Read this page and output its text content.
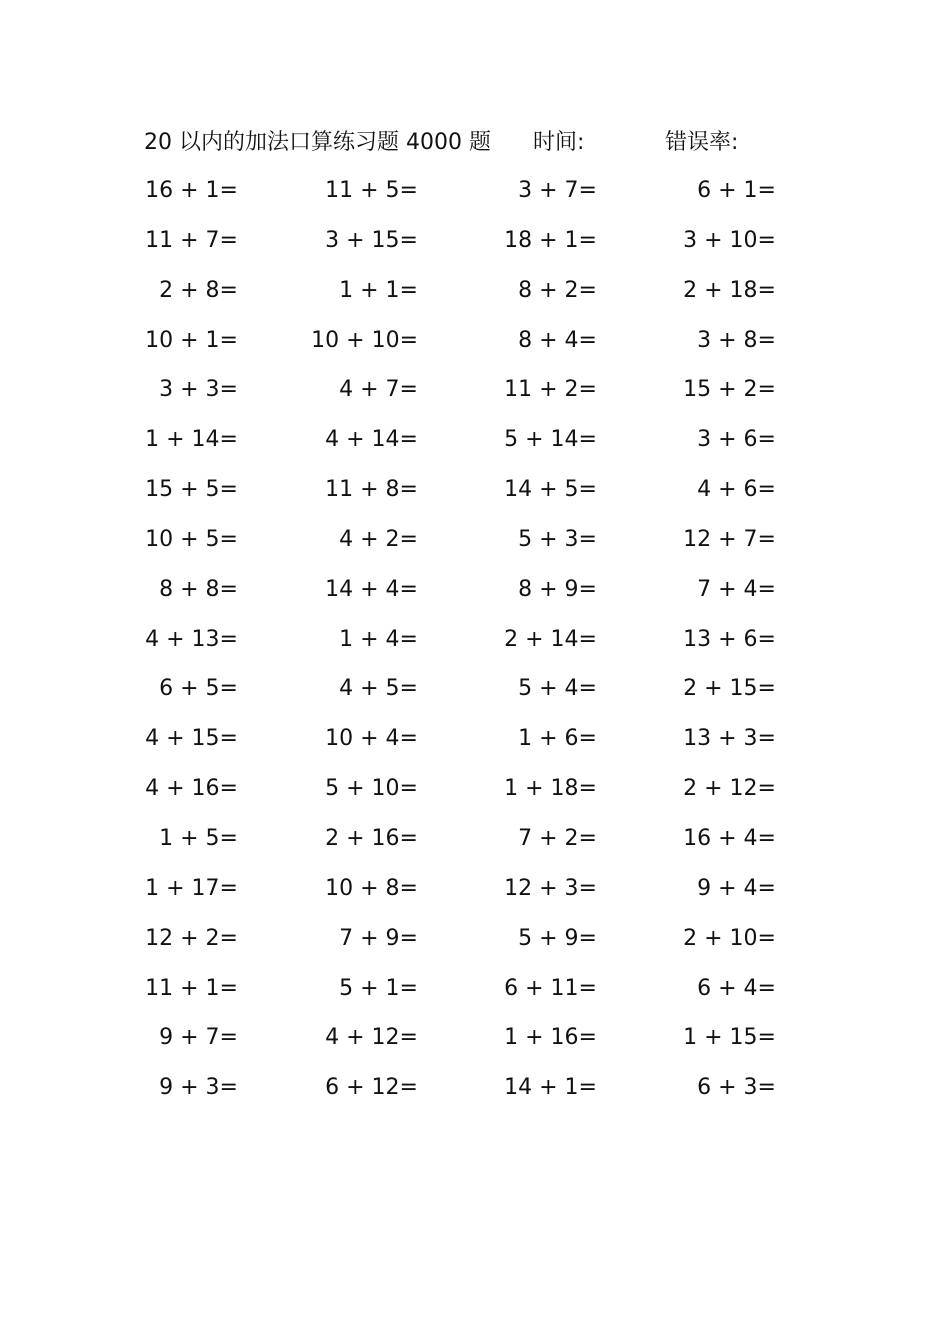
20 以内的加法口算练习题 4000 题 时间:	错误率:
16 + 1=	11 + 5=	3 + 7=	6 + 1=
11 + 7=	3 + 15=	18 + 1=	3 + 10=
2 + 8=	1 + 1=	8 + 2=	2 + 18=
10 + 1=	10 + 10=	8 + 4=	3 + 8=
3 + 3=	4 + 7=	11 + 2=	15 + 2=
1 + 14=	4 + 14=	5 + 14=	3 + 6=
15 + 5=	11 + 8=	14 + 5=	4 + 6=
10 + 5=	4 + 2=	5 + 3=	12 + 7=
8 + 8=	14 + 4=	8 + 9=	7 + 4=
4 + 13=	1 + 4=	2 + 14=	13 + 6=
6 + 5=	4 + 5=	5 + 4=	2 + 15=
4 + 15=	10 + 4=	1 + 6=	13 + 3=
4 + 16=	5 + 10=	1 + 18=	2 + 12=
1 + 5=	2 + 16=	7 + 2=	16 + 4=
1 + 17=	10 + 8=	12 + 3=	9 + 4=
12 + 2=	7 + 9=	5 + 9=	2 + 10=
11 + 1=	5 + 1=	6 + 11=	6 + 4=
9 + 7=	4 + 12=	1 + 16=	1 + 15=
9 + 3=	6 + 12=	14 + 1=	6 + 3=
